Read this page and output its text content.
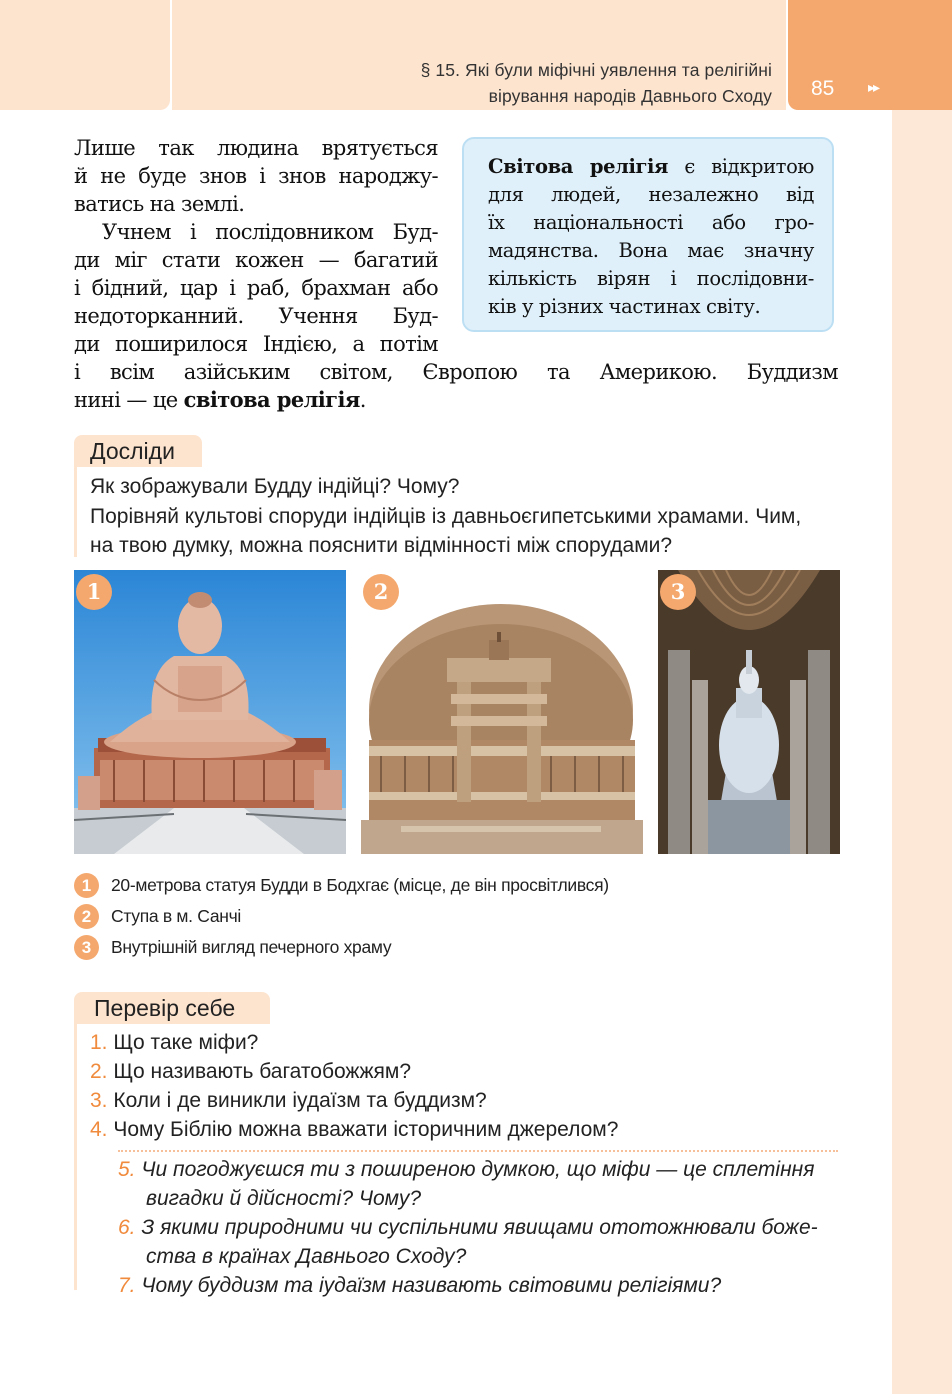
§ 15. Які були міфічні уявлення та релігійні
вірування народів Давнього Сходу 85 ▸▸
Лише так людина врятується
й не буде знов і знов народжу-
ватись на землі.
Учнем і послідовником Буд-
ди міг стати кожен — багатий
і бідний, цар і раб, брахман або
недоторканний. Учення Буд-
ди поширилося Індією, а потім
і всім азійським світом, Європою та Америкою. Буддизм
нині — це світова релігія.
Світова релігія є відкритою
для людей, незалежно від
їх національності або гро-
мадянства. Вона має значну
кількість вірян і послідовни-
ків у різних частинах світу.
Досліди
Як зображували Будду індійці? Чому?
Порівняй культові споруди індійців із давньоєгипетськими храмами. Чим,
на твою думку, можна пояснити відмінності між спорудами?
1	2	3
1 20-метрова статуя Будди в Бодхгає (місце, де він просвітлився)
2 Ступа в м. Санчі
3 Внутрішній вигляд печерного храму
Перевір себе
1. Що таке міфи?
2. Що називають багатобожжям?
3. Коли і де виникли іудаїзм та буддизм?
4. Чому Біблію можна вважати історичним джерелом?
5. Чи погоджуєшся ти з поширеною думкою, що міфи — це сплетіння
вигадки й дійсності? Чому?
6. З якими природними чи суспільними явищами ототожнювали боже-
ства в країнах Давнього Сходу?
7. Чому буддизм та іудаїзм називають світовими релігіями?
